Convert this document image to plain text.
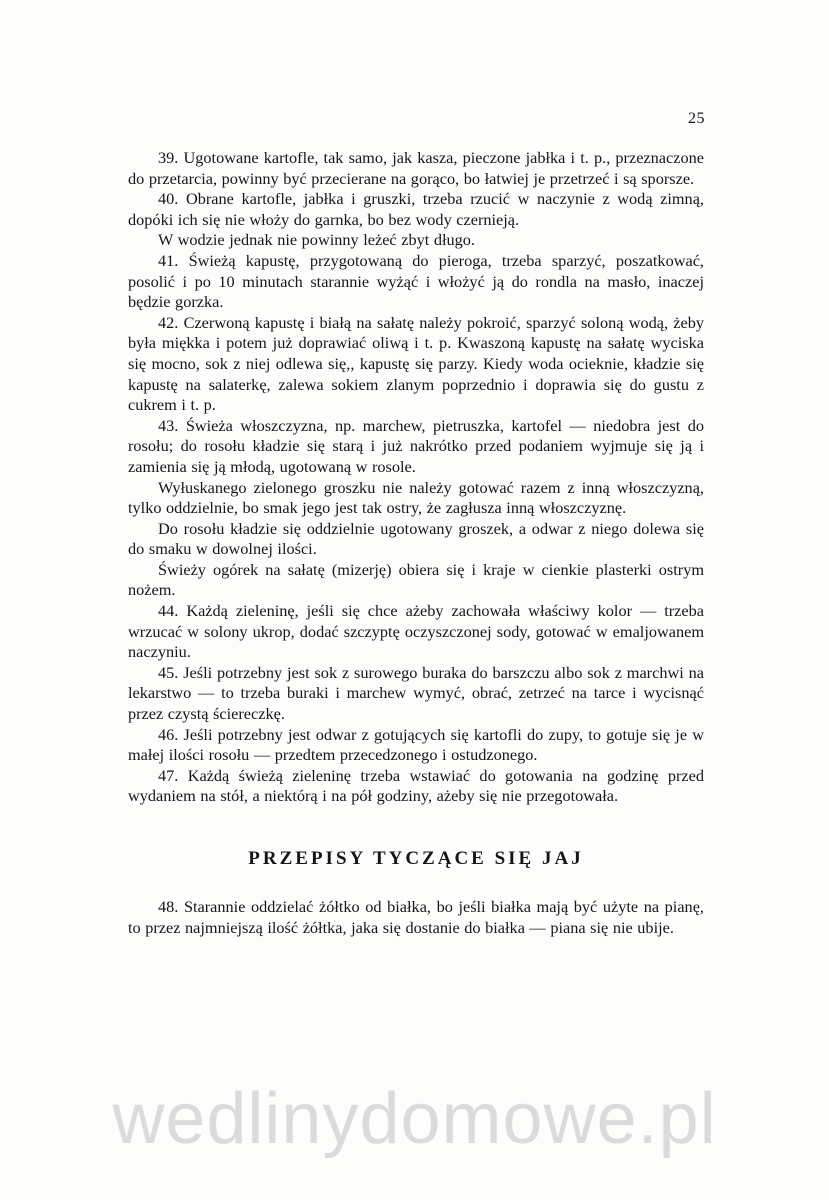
25

39. Ugotowane kartofle, tak samo, jak kasza, pieczone jabłka i t. p., przeznaczone do przetarcia, powinny być przecierane na gorąco, bo łatwiej je przetrzeć i są sporsze.

40. Obrane kartofle, jabłka i gruszki, trzeba rzucić w naczynie z wodą zimną, dopóki ich się nie włoży do garnka, bo bez wody czernieją.

W wodzie jednak nie powinny leżeć zbyt długo.

41. Świeżą kapustę, przygotowaną do pieroga, trzeba sparzyć, poszatkować, posolić i po 10 minutach starannie wyżąć i włożyć ją do rondla na masło, inaczej będzie gorzka.

42. Czerwoną kapustę i białą na sałatę należy pokroić, sparzyć soloną wodą, żeby była miękka i potem już doprawiać oliwą i t. p. Kwaszoną kapustę na sałatę wyciska się mocno, sok z niej odlewa się,, kapustę się parzy. Kiedy woda ocieknie, kładzie się kapustę na salaterkę, zalewa sokiem zlanym poprzednio i doprawia się do gustu z cukrem i t. p.

43. Świeża włoszczyzna, np. marchew, pietruszka, kartofel — niedobra jest do rosołu; do rosołu kładzie się starą i już nakrótko przed podaniem wyjmuje się ją i zamienia się ją młodą, ugotowaną w rosole.

Wyłuskanego zielonego groszku nie należy gotować razem z inną włoszczyzną, tylko oddzielnie, bo smak jego jest tak ostry, że zagłusza inną włoszczyznę.

Do rosołu kładzie się oddzielnie ugotowany groszek, a odwar z niego dolewa się do smaku w dowolnej ilości.

Świeży ogórek na sałatę (mizerję) obiera się i kraje w cienkie plasterki ostrym nożem.

44. Każdą zieleninę, jeśli się chce ażeby zachowała właściwy kolor — trzeba wrzucać w solony ukrop, dodać szczyptę oczyszczonej sody, gotować w emaljowanem naczyniu.

45. Jeśli potrzebny jest sok z surowego buraka do barszczu albo sok z marchwi na lekarstwo — to trzeba buraki i marchew wymyć, obrać, zetrzeć na tarce i wycisnąć przez czystą ściereczkę.

46. Jeśli potrzebny jest odwar z gotujących się kartofli do zupy, to gotuje się je w małej ilości rosołu — przedtem przecedzonego i ostudzonego.

47. Każdą świeżą zieleninę trzeba wstawiać do gotowania na godzinę przed wydaniem na stół, a niektórą i na pół godziny, ażeby się nie przegotowała.

PRZEPISY TYCZĄCE SIĘ JAJ

48. Starannie oddzielać żółtko od białka, bo jeśli białka mają być użyte na pianę, to przez najmniejszą ilość żółtka, jaka się dostanie do białka — piana się nie ubije.

wedlinydomowe.pl
